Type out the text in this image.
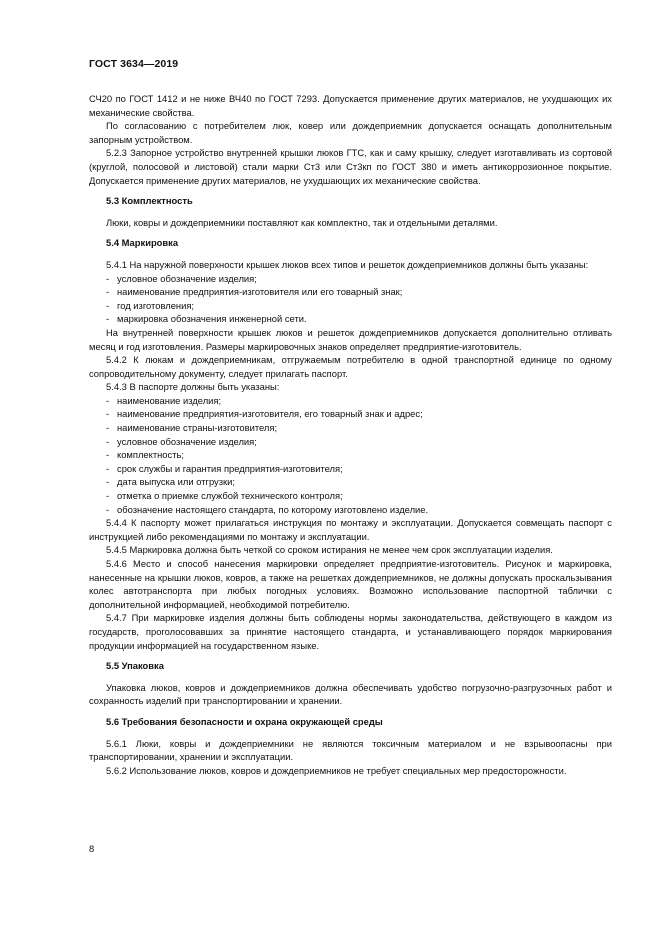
ГОСТ 3634—2019

СЧ20 по ГОСТ 1412 и не ниже ВЧ40 по ГОСТ 7293. Допускается применение других материалов, не ухудшающих их механические свойства.

По согласованию с потребителем люк, ковер или дождеприемник допускается оснащать дополнительным запорным устройством.

5.2.3 Запорное устройство внутренней крышки люков ГТС, как и саму крышку, следует изготавливать из сортовой (круглой, полосовой и листовой) стали марки Ст3 или Ст3кп по ГОСТ 380 и иметь антикоррозионное покрытие. Допускается применение других материалов, не ухудшающих их механические свойства.

5.3 Комплектность

Люки, ковры и дождеприемники поставляют как комплектно, так и отдельными деталями.

5.4 Маркировка

5.4.1 На наружной поверхности крышек люков всех типов и решеток дождеприемников должны быть указаны:

- условное обозначение изделия;
- наименование предприятия-изготовителя или его товарный знак;
- год изготовления;
- маркировка обозначения инженерной сети.

На внутренней поверхности крышек люков и решеток дождеприемников допускается дополнительно отливать месяц и год изготовления. Размеры маркировочных знаков определяет предприятие-изготовитель.

5.4.2 К люкам и дождеприемникам, отгружаемым потребителю в одной транспортной единице по одному сопроводительному документу, следует прилагать паспорт.

5.4.3 В паспорте должны быть указаны:

- наименование изделия;
- наименование предприятия-изготовителя, его товарный знак и адрес;
- наименование страны-изготовителя;
- условное обозначение изделия;
- комплектность;
- срок службы и гарантия предприятия-изготовителя;
- дата выпуска или отгрузки;
- отметка о приемке службой технического контроля;
- обозначение настоящего стандарта, по которому изготовлено изделие.

5.4.4 К паспорту может прилагаться инструкция по монтажу и эксплуатации. Допускается совмещать паспорт с инструкцией либо рекомендациями по монтажу и эксплуатации.

5.4.5 Маркировка должна быть четкой со сроком истирания не менее чем срок эксплуатации изделия.

5.4.6 Место и способ нанесения маркировки определяет предприятие-изготовитель. Рисунок и маркировка, нанесенные на крышки люков, ковров, а также на решетках дождеприемников, не должны допускать проскальзывания колес автотранспорта при любых погодных условиях. Возможно использование паспортной таблички с дополнительной информацией, необходимой потребителю.

5.4.7 При маркировке изделия должны быть соблюдены нормы законодательства, действующего в каждом из государств, проголосовавших за принятие настоящего стандарта, и устанавливающего порядок маркирования продукции информацией на государственном языке.

5.5 Упаковка

Упаковка люков, ковров и дождеприемников должна обеспечивать удобство погрузочно-разгрузочных работ и сохранность изделий при транспортировании и хранении.

5.6 Требования безопасности и охрана окружающей среды

5.6.1 Люки, ковры и дождеприемники не являются токсичным материалом и не взрывоопасны при транспортировании, хранении и эксплуатации.

5.6.2 Использование люков, ковров и дождеприемников не требует специальных мер предосторожности.

8
